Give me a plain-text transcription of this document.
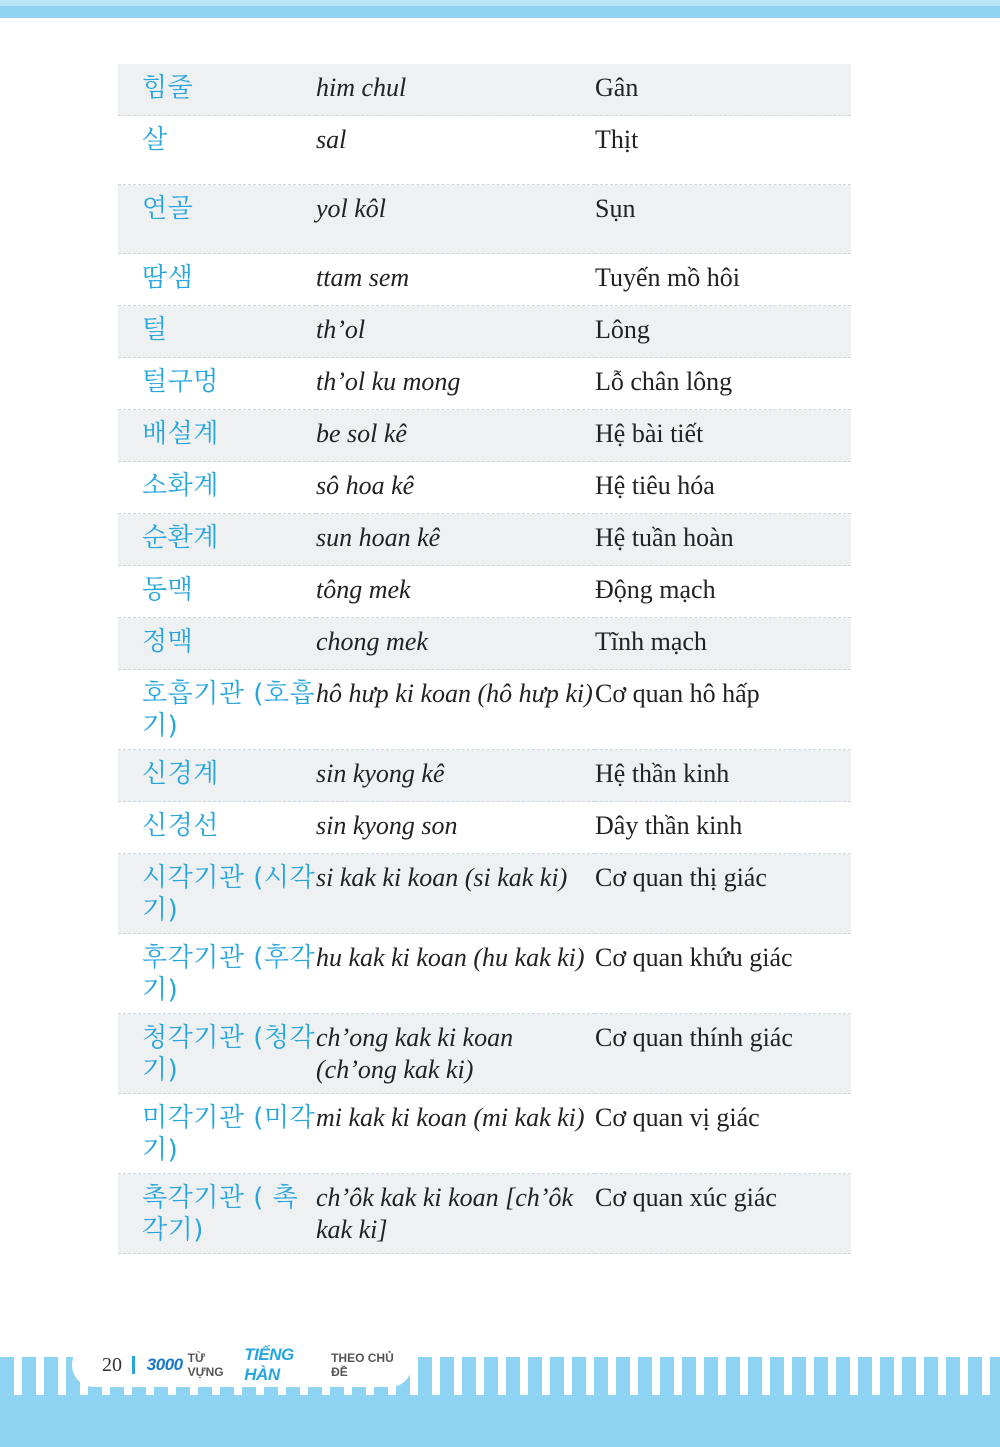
힘줄	him chul	Gân
살	sal	Thịt
연골	yol kôl	Sụn
땀샘	ttam sem	Tuyến mồ hôi
털	th’ol	Lông
털구멍	th’ol ku mong	Lỗ chân lông
배설계	be sol kê	Hệ bài tiết
소화계	sô hoa kê	Hệ tiêu hóa
순환계	sun hoan kê	Hệ tuần hoàn
동맥	tông mek	Động mạch
정맥	chong mek	Tĩnh mạch
호흡기관 (호흡기)	hô hưp ki koan (hô hưp ki)	Cơ quan hô hấp
신경계	sin kyong kê	Hệ thần kinh
신경선	sin kyong son	Dây thần kinh
시각기관 (시각기)	si kak ki koan (si kak ki)	Cơ quan thị giác
후각기관 (후각기)	hu kak ki koan (hu kak ki)	Cơ quan khứu giác
청각기관 (청각기)	ch’ong kak ki koan (ch’ong kak ki)	Cơ quan thính giác
미각기관 (미각기)	mi kak ki koan (mi kak ki)	Cơ quan vị giác
촉각기관 ( 촉각기)	ch’ôk kak ki koan [ch’ôk kak ki]	Cơ quan xúc giác
20 3000 TỪ VỰNG
TIẾNG HÀN
THEO CHỦ ĐỀ
